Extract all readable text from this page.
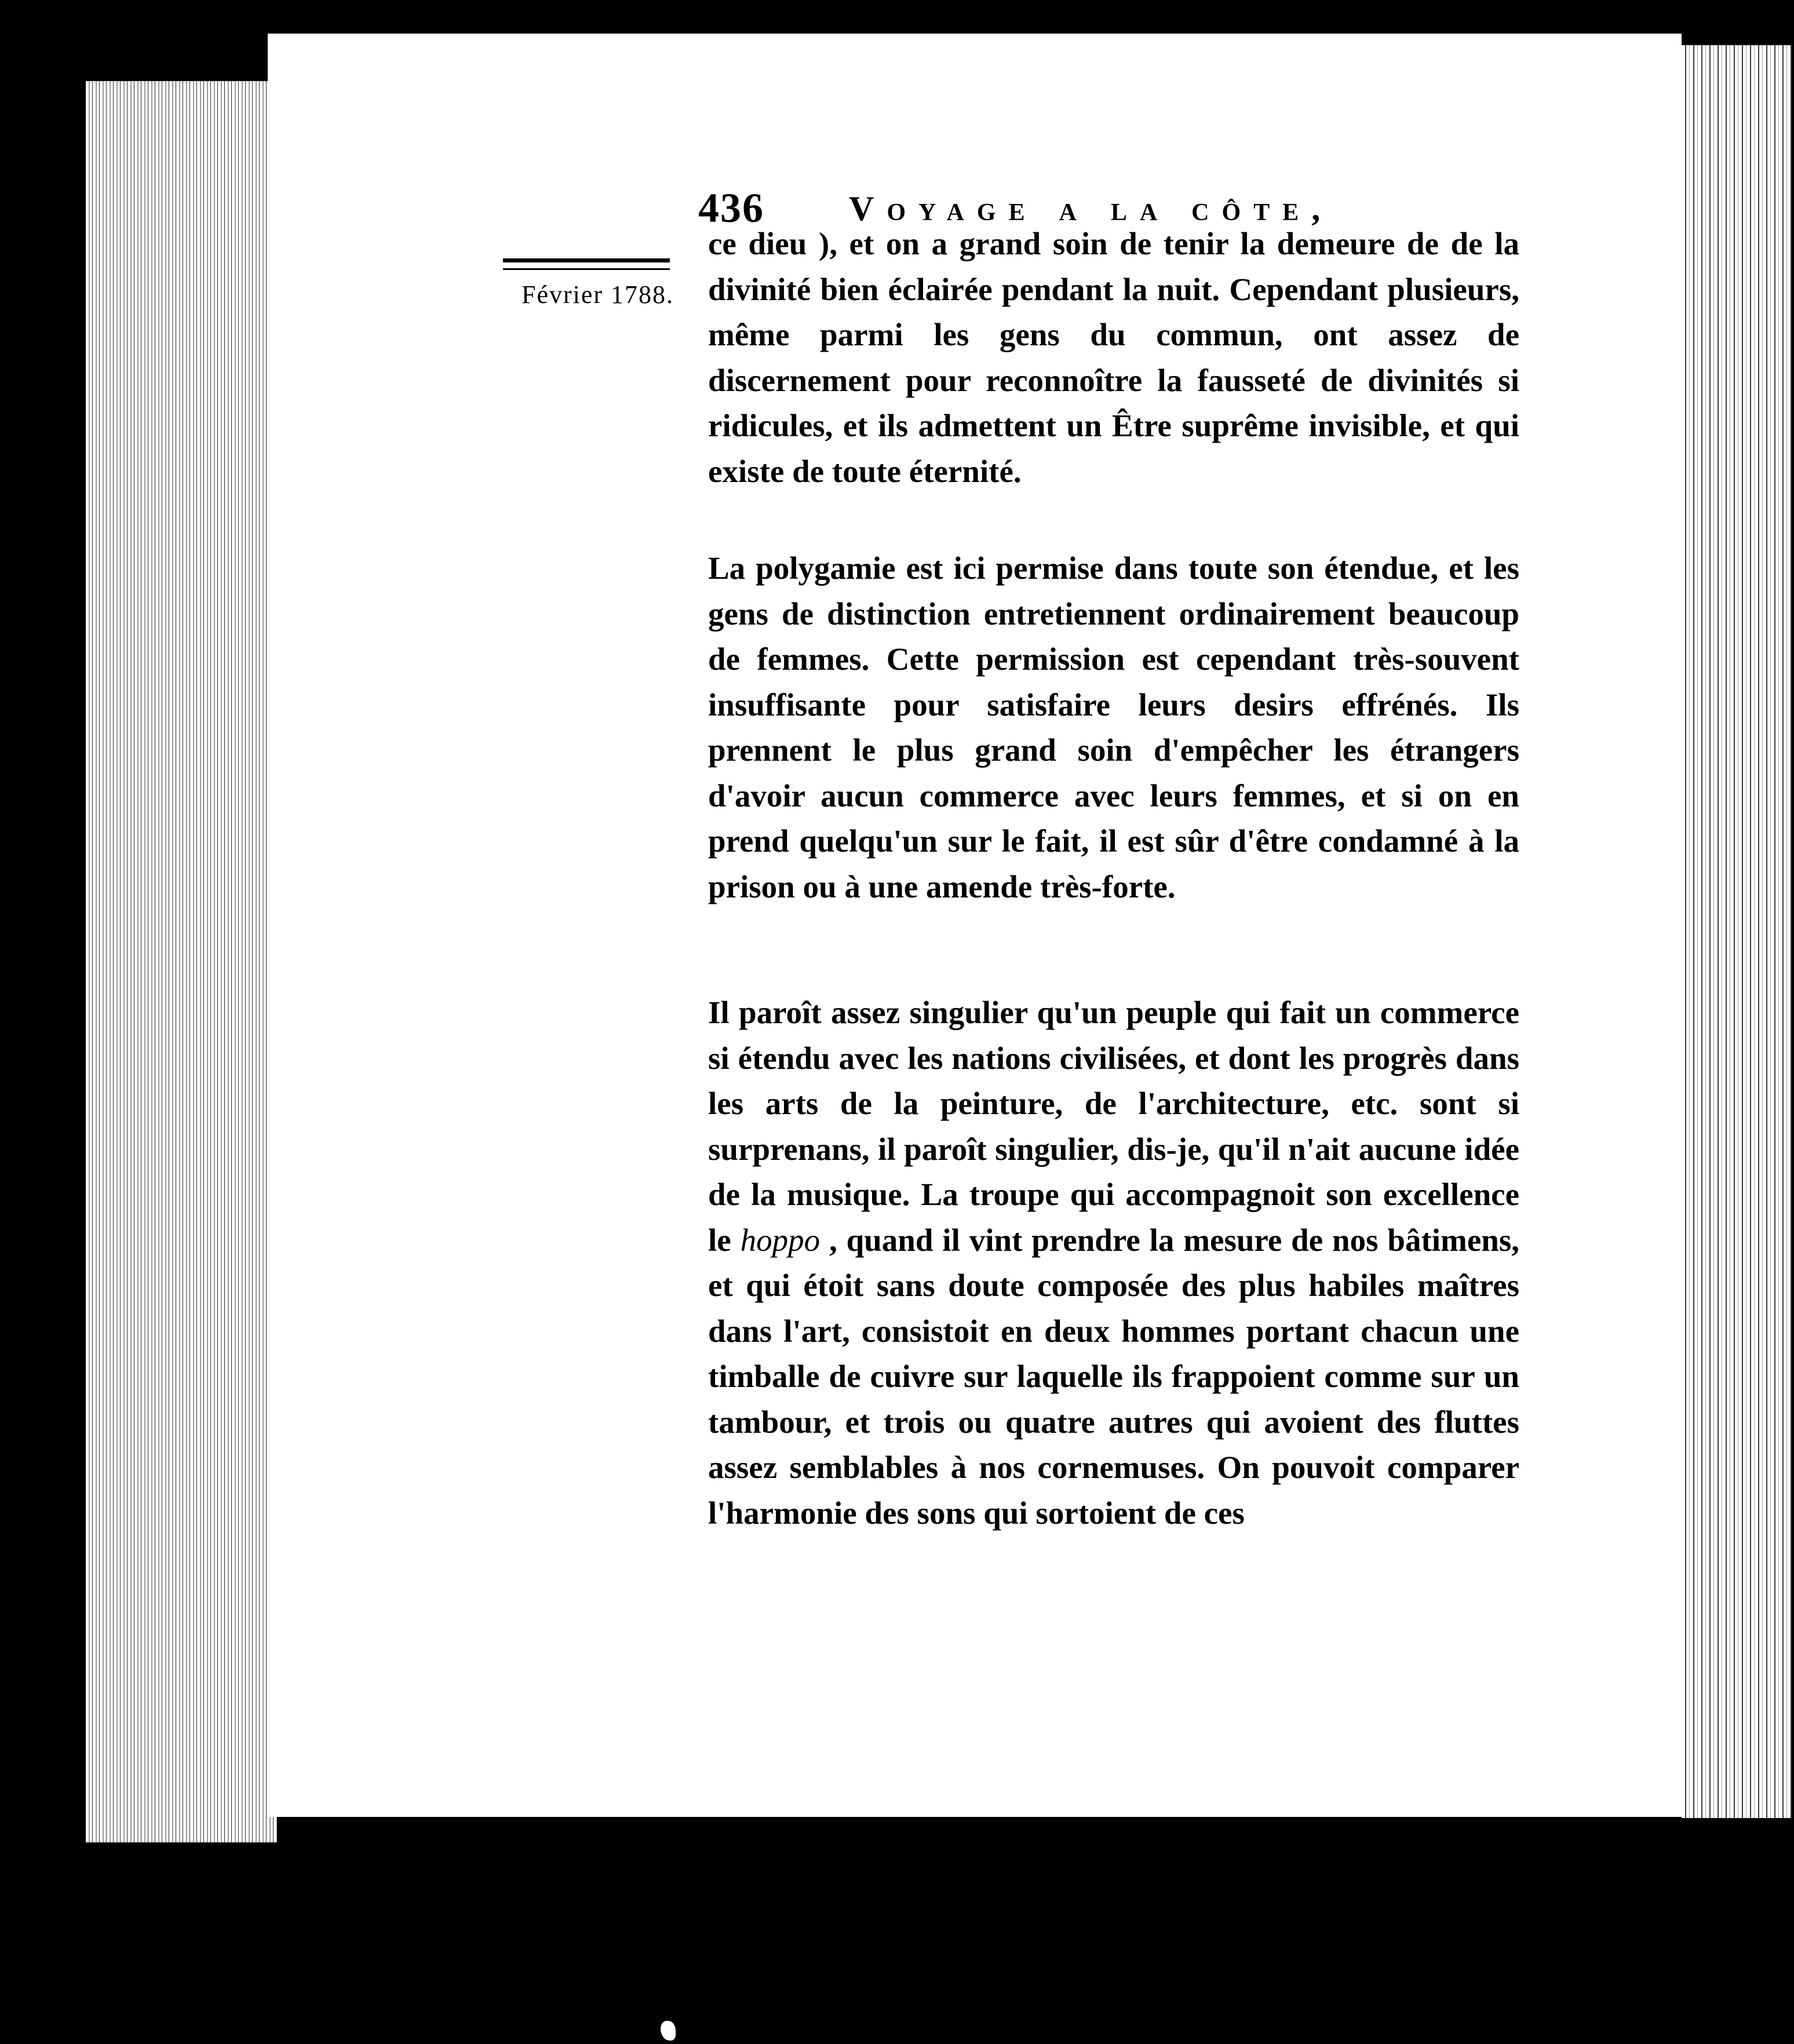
436 Voyage a la côte,
Février 1788.

ce dieu ), et on a grand soin de tenir la demeure de de la divinité bien éclairée pendant la nuit. Cependant plusieurs, même parmi les gens du commun, ont assez de discernement pour reconnoître la fausseté de divinités si ridicules, et ils admettent un Être suprême invisible, et qui existe de toute éternité.

La polygamie est ici permise dans toute son étendue, et les gens de distinction entretiennent ordinairement beaucoup de femmes. Cette permission est cependant très-souvent insuffisante pour satisfaire leurs desirs effrénés. Ils prennent le plus grand soin d'empêcher les étrangers d'avoir aucun commerce avec leurs femmes, et si on en prend quelqu'un sur le fait, il est sûr d'être condamné à la prison ou à une amende très-forte.

Il paroît assez singulier qu'un peuple qui fait un commerce si étendu avec les nations civilisées, et dont les progrès dans les arts de la peinture, de l'architecture, etc. sont si surprenans, il paroît singulier, dis-je, qu'il n'ait aucune idée de la musique. La troupe qui accompagnoit son excellence le hoppo , quand il vint prendre la mesure de nos bâtimens, et qui étoit sans doute composée des plus habiles maîtres dans l'art, consistoit en deux hommes portant chacun une timballe de cuivre sur laquelle ils frappoient comme sur un tambour, et trois ou quatre autres qui avoient des fluttes assez semblables à nos cornemuses. On pouvoit comparer l'harmonie des sons qui sortoient de ces
